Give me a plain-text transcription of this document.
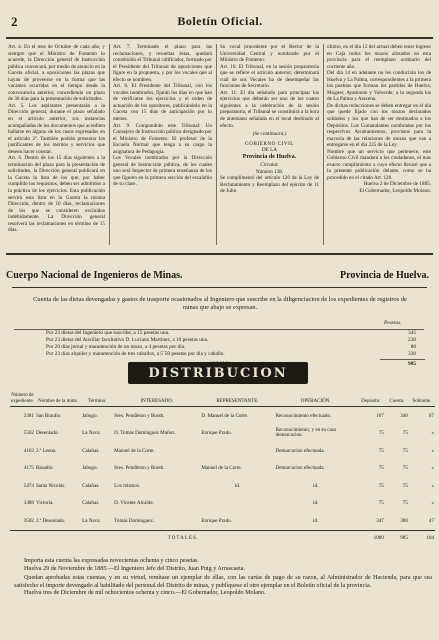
2	Boletín Oficial.

Art. 4. En el mes de Octubre de cada año, y siempre que el Ministro de Fomento lo acuerde, la Dirección general de Instrucción pública convocará, por medio de anuncio en la Gaceta oficial, a oposiciones las plazas que hayan de proveerse en la forma que las vacantes ocurridas en el tiempo desde la convocatoria anterior, concediendo un plazo de 30 días para la presentación de solicitudes.

Art. 5. Los aspirantes presentarán a la Dirección general, durante el plazo señalado en el artículo anterior, sus instancias acompañadas de los documentos que acrediten hallarse en alguno de los casos expresados en el artículo 2º. También podrán presentar los justificantes de los méritos y servicios que deseen hacer constar.

Art. 6. Dentro de los 15 días siguientes a la terminación del plazo para la presentación de solicitudes, la Dirección general publicará en la Gaceta la lista de los que, por haber cumplido los requisitos, deben ser admitidos a la práctica de los ejercicios. Esta publicación servirá esta lista en la Gaceta la misma Dirección, dentro de 10 días, reclamaciones de los que se consideren excluidos indebidamente. La Dirección general resolverá las reclamaciones en término de 15 días.

Art. 7. Terminado el plazo para las reclamaciones, y resueltas éstas, quedará constituido el Tribunal calificador, formado por el Presidente del Tribunal de oposiciones que figure en la propuesta, y por los vocales que al efecto se nombren.

Art. 8. El Presidente del Tribunal, con los vocales nombrados, fijarán los días en que han de verificarse los ejercicios y el orden de actuación de los opositores, publicándolo en la Gaceta con 15 días de anticipación por lo menos.

Art. 9. Compondrán este Tribunal: Un Consejero de Instrucción pública designado por el Ministro de Fomento. El profesor de la Escuela Normal que tenga a su cargo la asignatura de Pedagogía.

Los Vocales nombrados por la Dirección general de Instrucción pública, de los cuales uno será Inspector de primera enseñanza de los que figuren en la primera sección del escalafón de su clase.

Su vocal procedente por el Rector de la Universidad Central y nombrado por el Ministro de Fomento.

Art. 10. El Tribunal, en la sesión preparatoria que se refiere el artículo anterior, determinará cuál de sus Vocales ha de desempeñar las funciones de Secretario.

Art. 11. El día señalado para principiar los ejercicios que deberán ser uno de los cuatro siguientes a la celebración de la sesión preparatoria, el Tribunal se constituirá a la hora de antemano señalada en el local destinado al efecto.

(Se continuará.)

GOBIERNO CIVIL

DE LA

Provincia de Huelva.

Circular.

Número 138.

Se cumplimentó del artículo 126 de la Ley de Reclutamiento y Reemplazo del ejército de 11 de Julio

último, en el día 12 del actual deben tener ingreso en Caja todos los mozos alistados en esta provincia para el reemplazo ordinario del corriente año.

Del día 14 en adelante no les conducirán los de Huelva y La Palma, correspondientes a la primera los pueblos que forman los partidos de Huelva, Moguer, Ayamonte y Valverde; a la segunda los de La Palma y Aracena.

De dichas reducciones se deben entregar en el día que quede fijado con los mozos declarados soldados y los que han de ser destinados a los Depósitos. Los Comandantes nombrados por los respectivos Ayuntamientos, provistos para la mayoría de las relaciones de mozos que van a entregarse en el día 225 de la Ley.

Nombre que un servicio que pertenece, este Gobierno Civil mandará a los ciudadanos, el más exacto cumplimiento a cuyo efecto llevaré que a la presente publicación delante, como se ha procedido en el citado Art. 126.

Huelva 2 de Diciembre de 1885.

El Gobernador, Leopoldo Molano.

Cuerpo Nacional de Ingenieros de Minas.	Provincia de Huelva.
Cuenta de las dietas devengadas y gastos de trasporte ocasionados al Ingeniero que suscribe en la diligenciacion de los expedientes de registros de minas que abajo se expresan.
Pesetas.
Por 23 dietas del Ingeniero que suscribe, a 15 pesetas una.	345
Por 23 dietas del Auxiliar facultativo D. Luciano Martinez, a 10 pesetas una.	230
Por 20 días jornal y manutención de un mozo, a 4 pesetas por día.	80
Por 23 días alquiler y manutención de tres caballos, a 5´50 pesetas por día y caballo.	330
985
DISTRIBUCION
Número de expediente.	Nombre de la mina.	Término.	INTERESADO.	REPRESENTANTE.	OPERACIÓN.	Depósito.	Cuesta.	Sobrante.
3381	San Braulio.	Jabugo.	Sres. Pendleton y Booth.	D. Manuel de la Corte.	Reconocimiento efectuado.	167	340	67
5562	Desenlado.	La Nava.	D. Tomás Dominguez Muñoz.	Enrique Prado.	Reconocimiento, y en su caso demarcacion.	75	75	»
4163	2.ª Leona.	Calañas.	Manuel de la Corte.		Demarcacion efectuada.	75	75	»
4175	Basadio.	Jabugo.	Sres. Pendleton y Booth.	Manuel de la Corte.	Demarcacion efectuada.	75	75	»
5474	Santa Nicolás.	Calañas.	Los mismos.	id.	id.	75	75	»
3488	Victoria.	Calañas.	D. Vicente Alcalde.		id.	75	75	»
3502	2.ª Desenlado.	La Nava.	Tomás Dominguez.	Enrique Prado.	id.	347	300	47
TOTALES.						1089	985	104

Importa esta cuenta las expresadas novecientas ochenta y cinco pesetas.

Huelva 29 de Noviembre de 1885.—El Ingeniero Jefe del Distrito, Juan Puig y Arrascaeta.

Quedan aprobadas estas cuentas, y en su virtud, remítase un ejemplar de ellas, con las cartas de pago de su razon, al Administrador de Hacienda, para que sea satisfecho el importe devengado al habilitado del personal del Distrito de minas, y publíquese el otro ejemplar en el Boletín oficial de la provincia.

Huelva tres de Diciembre de mil ochocientos ochenta y cinco.—El Gobernador, Leopoldo Molano.
